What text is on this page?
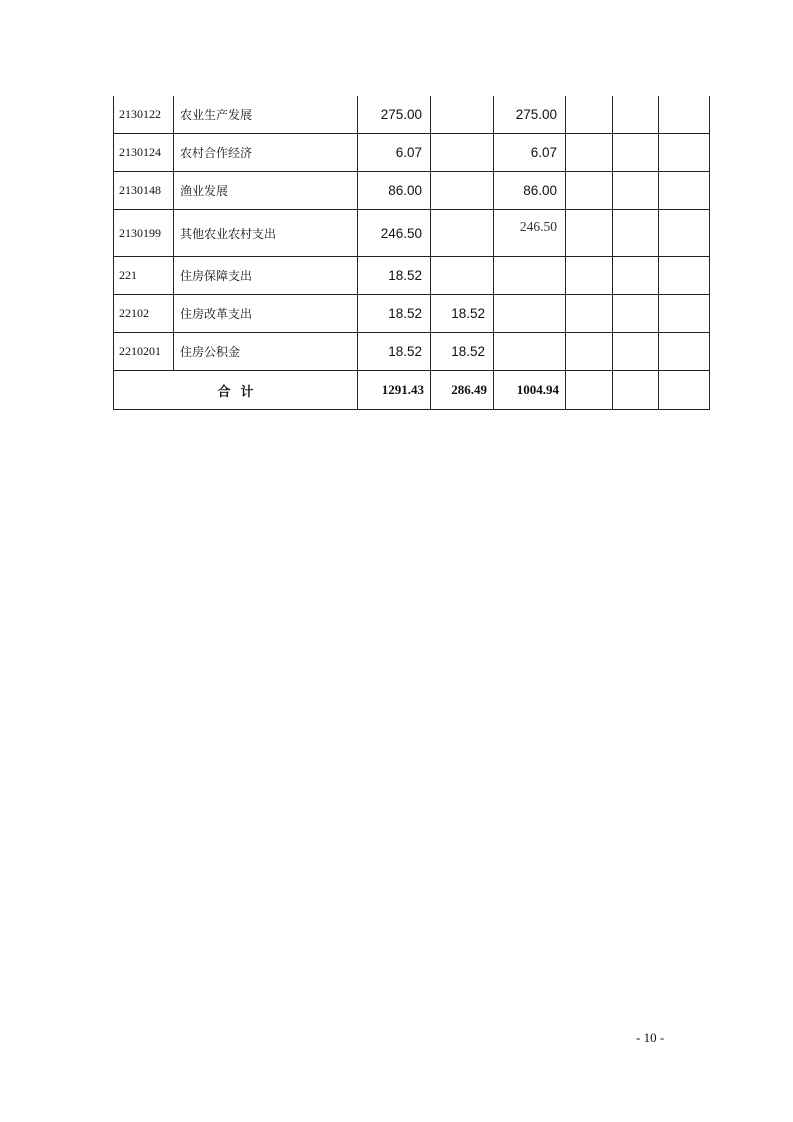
2130122	农业生产发展	275.00		275.00			
2130124	农村合作经济	6.07		6.07			
2130148	渔业发展	86.00		86.00			
2130199	其他农业农村支出	246.50		246.50			
221	住房保障支出	18.52					
22102	住房改革支出	18.52	18.52				
2210201	住房公积金	18.52	18.52				
合计		1291.43	286.49	1004.94			
- 10 -
